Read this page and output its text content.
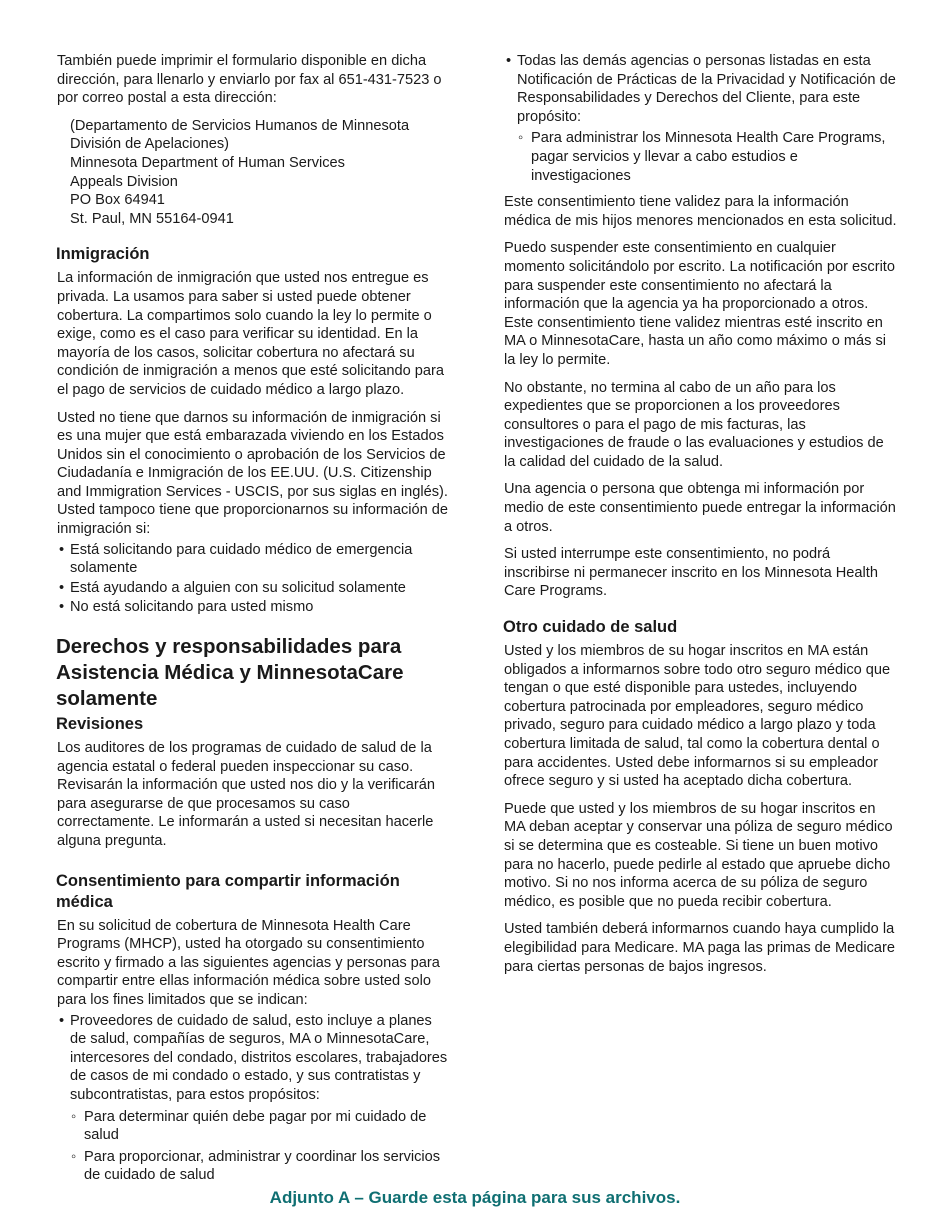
También puede imprimir el formulario disponible en dicha dirección, para llenarlo y enviarlo por fax al 651-431-7523 o por correo postal a esta dirección:

(Departamento de Servicios Humanos de Minnesota
División de Apelaciones)
Minnesota Department of Human Services
Appeals Division
PO Box 64941
St. Paul, MN 55164-0941
Inmigración

La información de inmigración que usted nos entregue es privada. La usamos para saber si usted puede obtener cobertura. La compartimos solo cuando la ley lo permite o exige, como es el caso para verificar su identidad. En la mayoría de los casos, solicitar cobertura no afectará su condición de inmigración a menos que esté solicitando para el pago de servicios de cuidado médico a largo plazo.

Usted no tiene que darnos su información de inmigración si es una mujer que está embarazada viviendo en los Estados Unidos sin el conocimiento o aprobación de los Servicios de Ciudadanía e Inmigración de los EE.UU. (U.S. Citizenship and Immigration Services - USCIS, por sus siglas en inglés). Usted tampoco tiene que proporcionarnos su información de inmigración si:

• Está solicitando para cuidado médico de emergencia solamente
• Está ayudando a alguien con su solicitud solamente
• No está solicitando para usted mismo
Derechos y responsabilidades para Asistencia Médica y MinnesotaCare solamente
Revisiones

Los auditores de los programas de cuidado de salud de la agencia estatal o federal pueden inspeccionar su caso. Revisarán la información que usted nos dio y la verificarán para asegurarse de que procesamos su caso correctamente. Le informarán a usted si necesitan hacerle alguna pregunta.

Consentimiento para compartir información médica

En su solicitud de cobertura de Minnesota Health Care Programs (MHCP), usted ha otorgado su consentimiento escrito y firmado a las siguientes agencias y personas para compartir entre ellas información médica sobre usted solo para los fines limitados que se indican:

• Proveedores de cuidado de salud, esto incluye a planes de salud, compañías de seguros, MA o MinnesotaCare, intercesores del condado, distritos escolares, trabajadores de casos de mi condado o estado, y sus contratistas y subcontratistas, para estos propósitos:
◦ Para determinar quién debe pagar por mi cuidado de salud
◦ Para proporcionar, administrar y coordinar los servicios de cuidado de salud
• Todas las demás agencias o personas listadas en esta Notificación de Prácticas de la Privacidad y Notificación de Responsabilidades y Derechos del Cliente, para este propósito:
◦ Para administrar los Minnesota Health Care Programs, pagar servicios y llevar a cabo estudios e investigaciones

Este consentimiento tiene validez para la información médica de mis hijos menores mencionados en esta solicitud.

Puedo suspender este consentimiento en cualquier momento solicitándolo por escrito. La notificación por escrito para suspender este consentimiento no afectará la información que la agencia ya ha proporcionado a otros. Este consentimiento tiene validez mientras esté inscrito en MA o MinnesotaCare, hasta un año como máximo o más si la ley lo permite.

No obstante, no termina al cabo de un año para los expedientes que se proporcionen a los proveedores consultores o para el pago de mis facturas, las investigaciones de fraude o las evaluaciones y estudios de la calidad del cuidado de la salud.

Una agencia o persona que obtenga mi información por medio de este consentimiento puede entregar la información a otros.

Si usted interrumpe este consentimiento, no podrá inscribirse ni permanecer inscrito en los Minnesota Health Care Programs.

Otro cuidado de salud

Usted y los miembros de su hogar inscritos en MA están obligados a informarnos sobre todo otro seguro médico que tengan o que esté disponible para ustedes, incluyendo cobertura patrocinada por empleadores, seguro médico privado, seguro para cuidado médico a largo plazo y toda cobertura limitada de salud, tal como la cobertura dental o para accidentes. Usted debe informarnos si su empleador ofrece seguro y si usted ha aceptado dicha cobertura.

Puede que usted y los miembros de su hogar inscritos en MA deban aceptar y conservar una póliza de seguro médico si se determina que es costeable. Si tiene un buen motivo para no hacerlo, puede pedirle al estado que apruebe dicho motivo. Si no nos informa acerca de su póliza de seguro médico, es posible que no pueda recibir cobertura.

Usted también deberá informarnos cuando haya cumplido la elegibilidad para Medicare. MA paga las primas de Medicare para ciertas personas de bajos ingresos.

Adjunto A – Guarde esta página para sus archivos.
